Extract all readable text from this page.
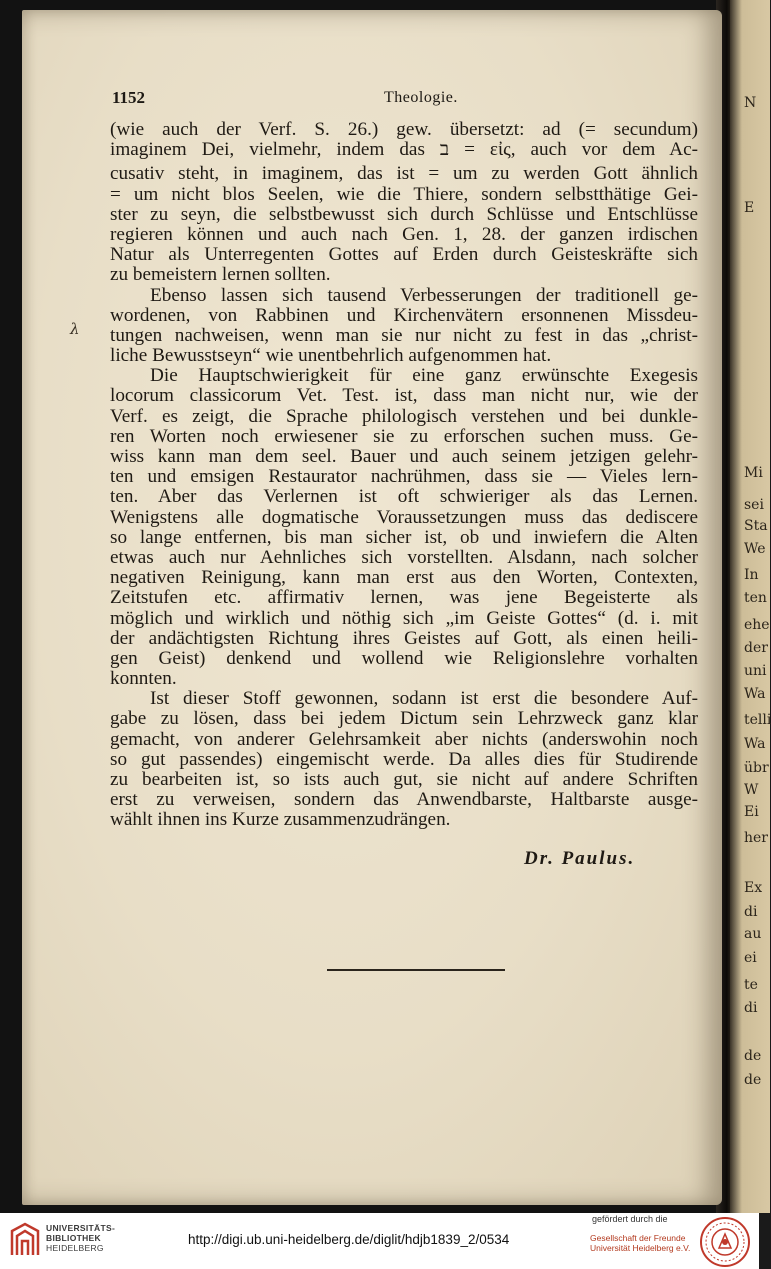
N
E
Mi
sei
Sta
We
In
ten
ehe
der
uni
Wa
telli
Wa
übr
W
Ei
her
Ex
di
au
ei
te
di
de
de
1152	Theologie.
λ
(wie auch der Verf. S. 26.) gew. übersetzt: ad (= secundum)
imaginem Dei, vielmehr, indem das ב = εἰς, auch vor dem Ac-
cusativ steht, in imaginem, das ist = um zu werden Gott ähnlich
= um nicht blos Seelen, wie die Thiere, sondern selbstthätige Gei-
ster zu seyn, die selbstbewusst sich durch Schlüsse und Entschlüsse
regieren können und auch nach Gen. 1, 28. der ganzen irdischen
Natur als Unterregenten Gottes auf Erden durch Geisteskräfte sich
zu bemeistern lernen sollten.
Ebenso lassen sich tausend Verbesserungen der traditionell ge-
wordenen, von Rabbinen und Kirchenvätern ersonnenen Missdeu-
tungen nachweisen, wenn man sie nur nicht zu fest in das „christ-
liche Bewusstseyn“ wie unentbehrlich aufgenommen hat.
Die Hauptschwierigkeit für eine ganz erwünschte Exegesis
locorum classicorum Vet. Test. ist, dass man nicht nur, wie der
Verf. es zeigt, die Sprache philologisch verstehen und bei dunkle-
ren Worten noch erwiesener sie zu erforschen suchen muss. Ge-
wiss kann man dem seel. Bauer und auch seinem jetzigen gelehr-
ten und emsigen Restaurator nachrühmen, dass sie — Vieles lern-
ten. Aber das Verlernen ist oft schwieriger als das Lernen.
Wenigstens alle dogmatische Voraussetzungen muss das dediscere
so lange entfernen, bis man sicher ist, ob und inwiefern die Alten
etwas auch nur Aehnliches sich vorstellten. Alsdann, nach solcher
negativen Reinigung, kann man erst aus den Worten, Contexten,
Zeitstufen etc. affirmativ lernen, was jene Begeisterte als
möglich und wirklich und nöthig sich „im Geiste Gottes“ (d. i. mit
der andächtigsten Richtung ihres Geistes auf Gott, als einen heili-
gen Geist) denkend und wollend wie Religionslehre vorhalten
konnten.
Ist dieser Stoff gewonnen, sodann ist erst die besondere Auf-
gabe zu lösen, dass bei jedem Dictum sein Lehrzweck ganz klar
gemacht, von anderer Gelehrsamkeit aber nichts (anderswohin noch
so gut passendes) eingemischt werde. Da alles dies für Studirende
zu bearbeiten ist, so ists auch gut, sie nicht auf andere Schriften
erst zu verweisen, sondern das Anwendbarste, Haltbarste ausge-
wählt ihnen ins Kurze zusammenzudrängen.
Dr. Paulus.
UNIVERSITÄTS-
BIBLIOTHEK
HEIDELBERG
http://digi.ub.uni-heidelberg.de/diglit/hdjb1839_2/0534
gefördert durch die
Gesellschaft der Freunde
Universität Heidelberg e.V.
